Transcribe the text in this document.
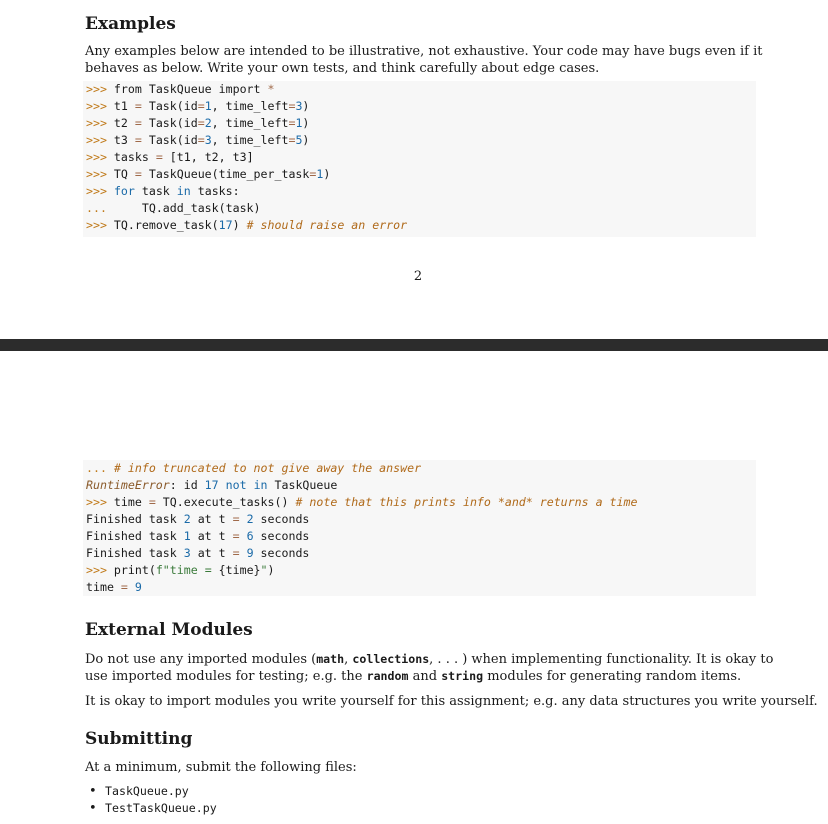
Examples
Any examples below are intended to be illustrative, not exhaustive. Your code may have bugs even if it
behaves as below. Write your own tests, and think carefully about edge cases.
>>> from TaskQueue import *
>>> t1 = Task(id=1, time_left=3)
>>> t2 = Task(id=2, time_left=1)
>>> t3 = Task(id=3, time_left=5)
>>> tasks = [t1, t2, t3]
>>> TQ = TaskQueue(time_per_task=1)
>>> for task in tasks:
...     TQ.add_task(task)
>>> TQ.remove_task(17) # should raise an error
2
... # info truncated to not give away the answer
RuntimeError: id 17 not in TaskQueue
>>> time = TQ.execute_tasks() # note that this prints info *and* returns a time
Finished task 2 at t = 2 seconds
Finished task 1 at t = 6 seconds
Finished task 3 at t = 9 seconds
>>> print(f"time = {time}")
time = 9
External Modules
Do not use any imported modules (math, collections, . . . ) when implementing functionality. It is okay to
use imported modules for testing; e.g. the random and string modules for generating random items.
It is okay to import modules you write yourself for this assignment; e.g. any data structures you write yourself.
Submitting
At a minimum, submit the following files:
• TaskQueue.py
• TestTaskQueue.py
